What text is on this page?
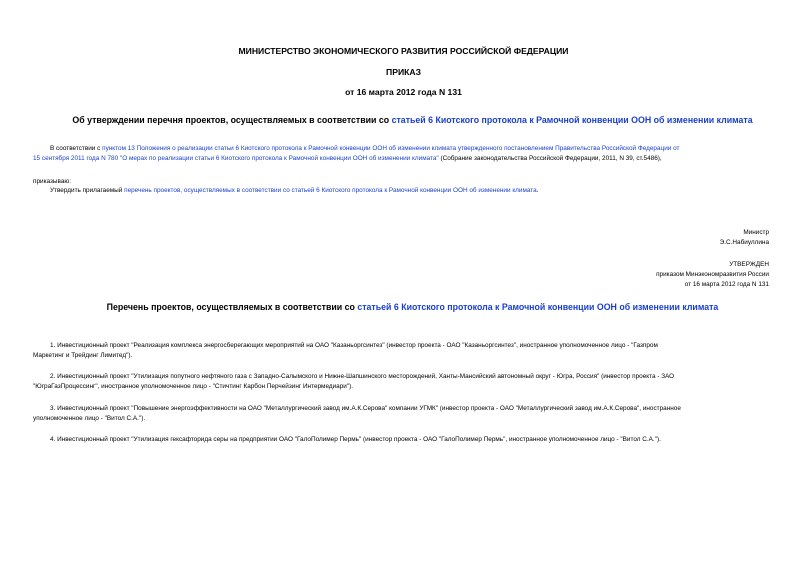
МИНИСТЕРСТВО ЭКОНОМИЧЕСКОГО РАЗВИТИЯ РОССИЙСКОЙ ФЕДЕРАЦИИ
ПРИКАЗ
от 16 марта 2012 года N 131
Об утверждении перечня проектов, осуществляемых в соответствии со статьей 6 Киотского протокола к Рамочной конвенции ООН об изменении климата
В соответствии с пунктом 13 Положения о реализации статьи 6 Киотского протокола к Рамочной конвенции ООН об изменении климата утвержденного постановлением Правительства Российской Федерации от
15 сентября 2011 года N 780 "О мерах по реализации статьи 6 Киотского протокола к Рамочной конвенции ООН об изменении климата" (Собрание законодательства Российской Федерации, 2011, N 39, ст.5486),
приказываю:
Утвердить прилагаемый перечень проектов, осуществляемых в соответствии со статьей 6 Киотского протокола к Рамочной конвенции ООН об изменении климата.
Министр
Э.С.Набиуллина
УТВЕРЖДЕН
приказом Минэкономразвития России
от 16 марта 2012 года N 131
Перечень проектов, осуществляемых в соответствии со статьей 6 Киотского протокола к Рамочной конвенции ООН об изменении климата
1. Инвестиционный проект "Реализация комплекса энергосберегающих мероприятий на ОАО "Казаньоргсинтез" (инвестор проекта - ОАО "Казаньоргсинтез", иностранное уполномоченное лицо - "Газпром
Маркетинг и Трейдинг Лимитед").
2. Инвестиционный проект "Утилизация попутного нефтяного газа с Западно-Салымского и Нижне-Шапшинского месторождений, Ханты-Мансийский автономный округ - Югра, Россия" (инвестор проекта - ЗАО
"ЮграГазПроцессинг", иностранное уполномоченное лицо - "Стичтинг Карбон Перчейзинг Интермедиари").
3. Инвестиционный проект "Повышение энергоэффективности на ОАО "Металлургический завод им.А.К.Серова" компании УГМК" (инвестор проекта - ОАО "Металлургический завод им.А.К.Серова", иностранное
уполномоченное лицо - "Витол С.А.").
4. Инвестиционный проект "Утилизация гексафторида серы на предприятии ОАО "ГалоПолимер Пермь" (инвестор проекта - ОАО "ГалоПолимер Пермь", иностранное уполномоченное лицо - "Витол С.А.").
